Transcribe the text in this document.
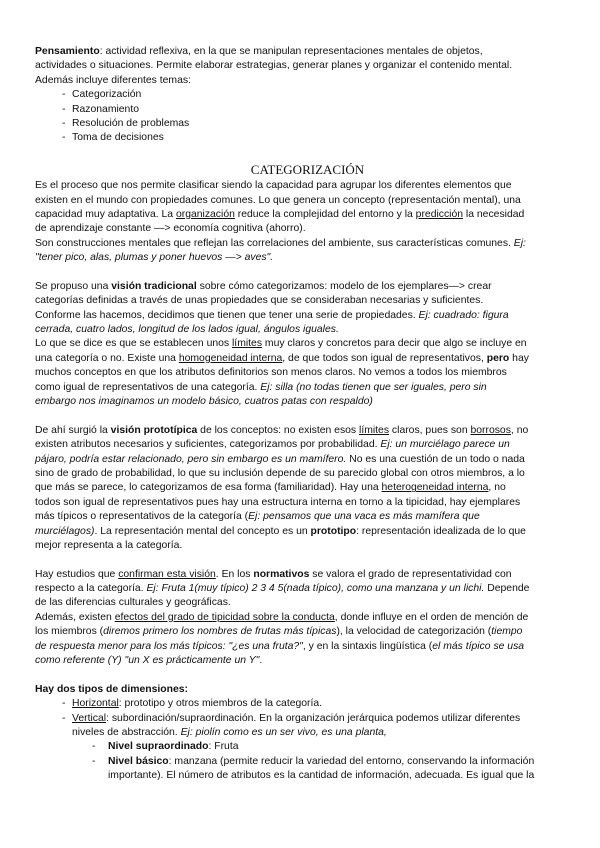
Pensamiento: actividad reflexiva, en la que se manipulan representaciones mentales de objetos,
actividades o situaciones. Permite elaborar estrategias, generar planes y organizar el contenido mental.
Además incluye diferentes temas:
- Categorización
- Razonamiento
- Resolución de problemas
- Toma de decisiones
CATEGORIZACIÓN
Es el proceso que nos permite clasificar siendo la capacidad para agrupar los diferentes elementos que
existen en el mundo con propiedades comunes. Lo que genera un concepto (representación mental), una
capacidad muy adaptativa. La organización reduce la complejidad del entorno y la predicción la necesidad
de aprendizaje constante —> economía cognitiva (ahorro).
Son construcciones mentales que reflejan las correlaciones del ambiente, sus características comunes. Ej:
"tener pico, alas, plumas y poner huevos —> aves".
Se propuso una visión tradicional sobre cómo categorizamos: modelo de los ejemplares—> crear
categorías definidas a través de unas propiedades que se consideraban necesarias y suficientes.
Conforme las hacemos, decidimos que tienen que tener una serie de propiedades. Ej: cuadrado: figura
cerrada, cuatro lados, longitud de los lados igual, ángulos iguales.
Lo que se dice es que se establecen unos límites muy claros y concretos para decir que algo se incluye en
una categoría o no. Existe una homogeneidad interna, de que todos son igual de representativos, pero hay
muchos conceptos en que los atributos definitorios son menos claros. No vemos a todos los miembros
como igual de representativos de una categoría. Ej: silla (no todas tienen que ser iguales, pero sin
embargo nos imaginamos un modelo básico, cuatros patas con respaldo)
De ahí surgió la visión prototípica de los conceptos: no existen esos límites claros, pues son borrosos, no
existen atributos necesarios y suficientes, categorizamos por probabilidad. Ej: un murciélago parece un
pájaro, podría estar relacionado, pero sin embargo es un mamífero. No es una cuestión de un todo o nada
sino de grado de probabilidad, lo que su inclusión depende de su parecido global con otros miembros, a lo
que más se parece, lo categorizamos de esa forma (familiaridad). Hay una heterogeneidad interna, no
todos son igual de representativos pues hay una estructura interna en torno a la tipicidad, hay ejemplares
más típicos o representativos de la categoría (Ej: pensamos que una vaca es más mamífera que
murciélagos). La representación mental del concepto es un prototipo: representación idealizada de lo que
mejor representa a la categoría.
Hay estudios que confirman esta visión. En los normativos se valora el grado de representatividad con
respecto a la categoría. Ej: Fruta 1(muy típico) 2 3 4 5(nada típico), como una manzana y un lichi. Depende
de las diferencias culturales y geográficas.
Además, existen efectos del grado de tipicidad sobre la conducta, donde influye en el orden de mención de
los miembros (diremos primero los nombres de frutas más típicas), la velocidad de categorización (tiempo
de respuesta menor para los más típicos: "¿es una fruta?", y en la sintaxis lingüística (el más típico se usa
como referente (Y) "un X es prácticamente un Y".
Hay dos tipos de dimensiones:
- Horizontal: prototipo y otros miembros de la categoría.
- Vertical: subordinación/supraordinación. En la organización jerárquica podemos utilizar diferentes
niveles de abstracción. Ej: piolín como es un ser vivo, es una planta,
- Nivel supraordinado: Fruta
- Nivel básico: manzana (permite reducir la variedad del entorno, conservando la información
importante). El número de atributos es la cantidad de información, adecuada. Es igual que la
